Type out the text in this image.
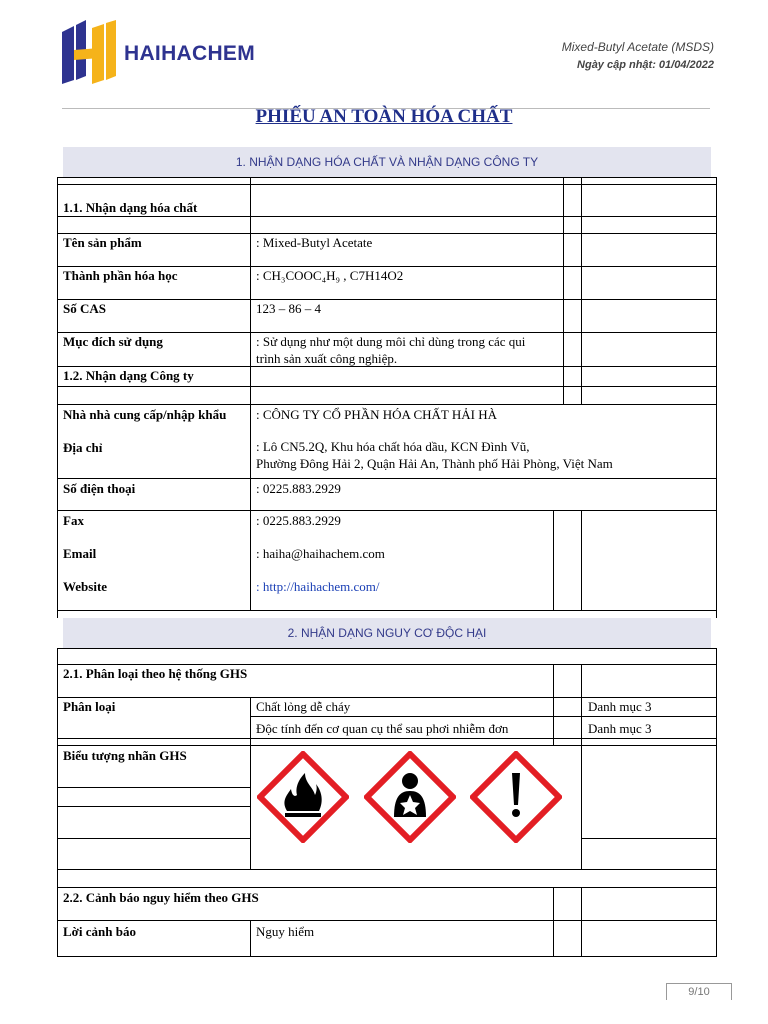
HAIHACHEM	Mixed-Butyl Acetate (MSDS)
Ngày cập nhật: 01/04/2022
PHIẾU AN TOÀN HÓA CHẤT
1. NHẬN DẠNG HÓA CHẤT VÀ NHẬN DẠNG CÔNG TY
1.1. Nhận dạng hóa chất
Tên sản phẩm	: Mixed-Butyl Acetate
Thành phần hóa học	: CH₃COOC₄H₉ , C7H14O2
Số CAS	123 – 86 – 4
Mục đích sử dụng	: Sử dụng như một dung môi chỉ dùng trong các qui
trình sản xuất công nghiệp.
1.2. Nhận dạng Công ty
Nhà nhà cung cấp/nhập khẩu : CÔNG TY CỔ PHẦN HÓA CHẤT HẢI HÀ
Địa chỉ	: Lô CN5.2Q, Khu hóa chất hóa dầu, KCN Đình Vũ,
Phường Đông Hải 2, Quận Hải An, Thành phố Hải Phòng, Việt Nam
Số điện thoại	: 0225.883.2929
Fax	: 0225.883.2929
Email	: haiha@haihachem.com
Website	: http://haihachem.com/
2. NHẬN DẠNG NGUY CƠ ĐỘC HẠI
2.1. Phân loại theo hệ thống GHS
Phân loại	Chất lỏng dễ cháy	Danh mục 3
Độc tính đến cơ quan cụ thể sau phơi nhiễm đơn	Danh mục 3
Biểu tượng nhãn GHS
2.2. Cảnh báo nguy hiểm theo GHS
Lời cảnh báo	Nguy hiểm
9/10
